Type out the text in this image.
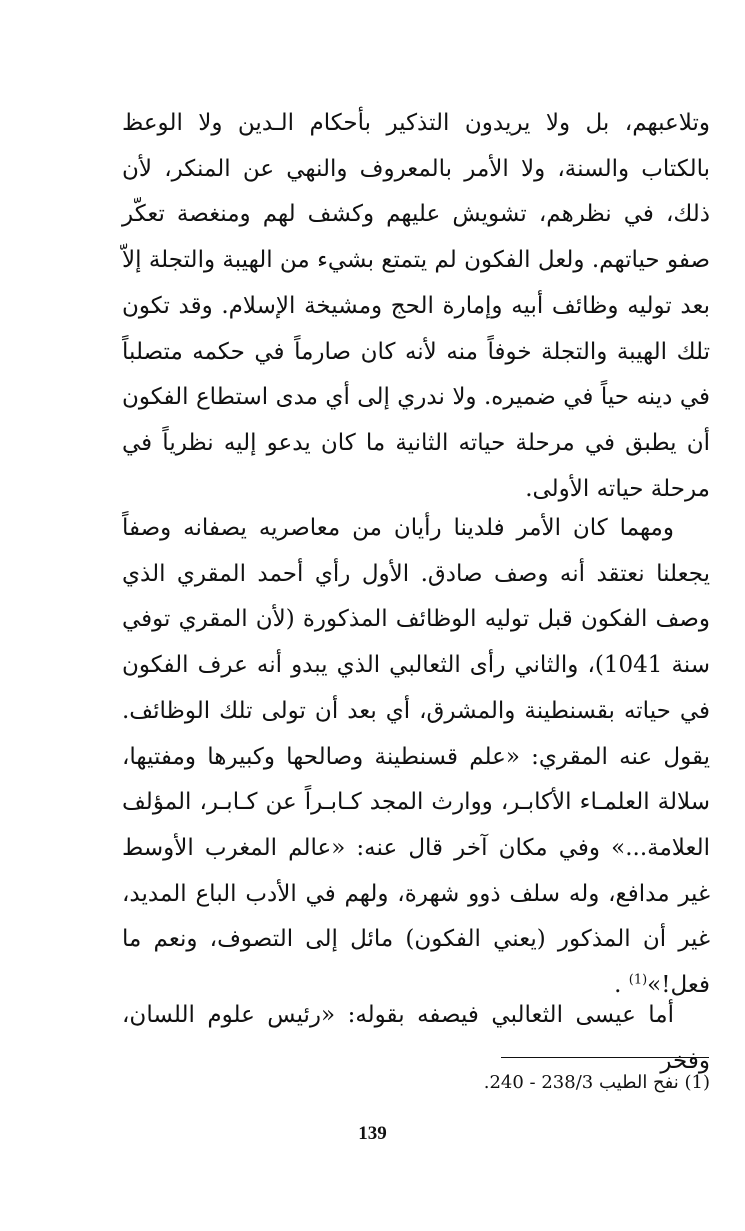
وتلاعبهم، بل ولا يريدون التذكير بأحكام الـدين ولا الوعظ بالكتاب والسنة، ولا الأمر بالمعروف والنهي عن المنكر، لأن ذلك، في نظرهم، تشويش عليهم وكشف لهم ومنغصة تعكّر صفو حياتهم. ولعل الفكون لم يتمتع بشيء من الهيبة والتجلة إلاّ بعد توليه وظائف أبيه وإمارة الحج ومشيخة الإسلام. وقد تكون تلك الهيبة والتجلة خوفاً منه لأنه كان صارماً في حكمه متصلباً في دينه حياً في ضميره. ولا ندري إلى أي مدى استطاع الفكون أن يطبق في مرحلة حياته الثانية ما كان يدعو إليه نظرياً في مرحلة حياته الأولى.

ومهما كان الأمر فلدينا رأيان من معاصريه يصفانه وصفاً يجعلنا نعتقد أنه وصف صادق. الأول رأي أحمد المقري الذي وصف الفكون قبل توليه الوظائف المذكورة (لأن المقري توفي سنة 1041)، والثاني رأى الثعالبي الذي يبدو أنه عرف الفكون في حياته بقسنطينة والمشرق، أي بعد أن تولى تلك الوظائف. يقول عنه المقري: «علم قسنطينة وصالحها وكبيرها ومفتيها، سلالة العلمـاء الأكابـر، ووارث المجد كـابـراً عن كـابـر، المؤلف العلامة...» وفي مكان آخر قال عنه: «عالم المغرب الأوسط غير مدافع، وله سلف ذوو شهرة، ولهم في الأدب الباع المديد، غير أن المذكور (يعني الفكون) مائل إلى التصوف، ونعم ما فعل!»$^{(1)}$ .

أما عيسى الثعالبي فيصفه بقوله: «رئيس علوم اللسان، وفخر

(1) نفح الطيب 238/3 - 240.
139
